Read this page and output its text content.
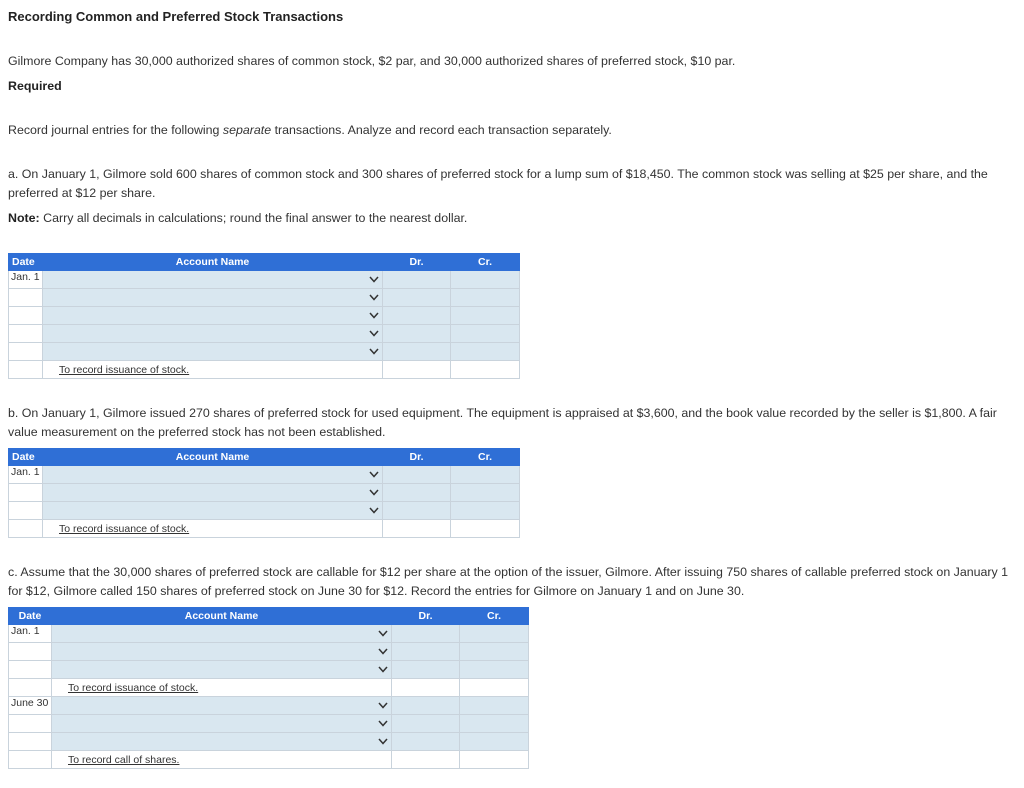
Recording Common and Preferred Stock Transactions
Gilmore Company has 30,000 authorized shares of common stock, $2 par, and 30,000 authorized shares of preferred stock, $10 par.
Required
Record journal entries for the following separate transactions. Analyze and record each transaction separately.
a. On January 1, Gilmore sold 600 shares of common stock and 300 shares of preferred stock for a lump sum of $18,450. The common stock was selling at $25 per share, and the preferred at $12 per share.
Note: Carry all decimals in calculations; round the final answer to the nearest dollar.
Date	Account Name	Dr.	Cr.
Jan. 1	

	To record issuance of stock.		
b. On January 1, Gilmore issued 270 shares of preferred stock for used equipment. The equipment is appraised at $3,600, and the book value recorded by the seller is $1,800. A fair value measurement on the preferred stock has not been established.
Date	Account Name	Dr.	Cr.
Jan. 1	

	To record issuance of stock.		
c. Assume that the 30,000 shares of preferred stock are callable for $12 per share at the option of the issuer, Gilmore. After issuing 750 shares of callable preferred stock on January 1 for $12, Gilmore called 150 shares of preferred stock on June 30 for $12. Record the entries for Gilmore on January 1 and on June 30.
Date	Account Name	Dr.	Cr.
Jan. 1	

	To record issuance of stock.		
June 30	

	To record call of shares.		
